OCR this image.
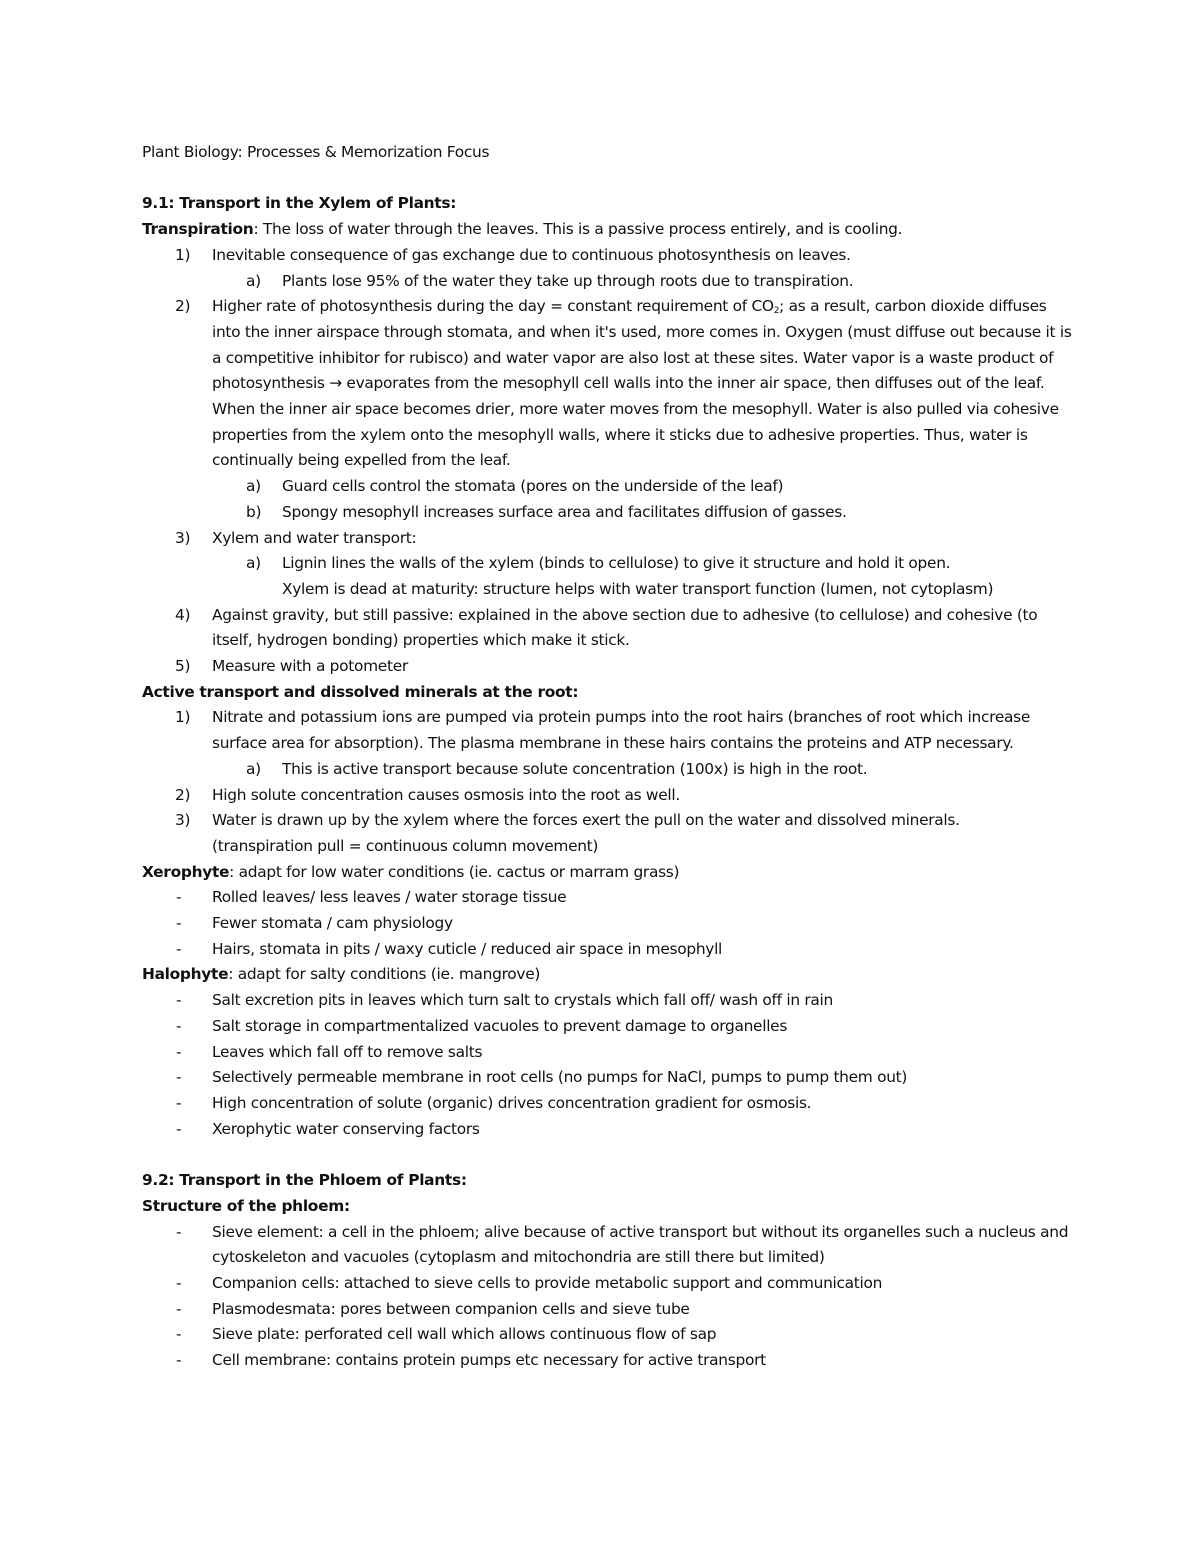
Plant Biology: Processes & Memorization Focus

9.1: Transport in the Xylem of Plants:

Transpiration: The loss of water through the leaves. This is a passive process entirely, and is cooling.

1) Inevitable consequence of gas exchange due to continuous photosynthesis on leaves.
a) Plants lose 95% of the water they take up through roots due to transpiration.
2) Higher rate of photosynthesis during the day = constant requirement of $CO_2$; as a result, carbon dioxide diffuses into the inner airspace through stomata, and when it's used, more comes in. Oxygen (must diffuse out because it is a competitive inhibitor for rubisco) and water vapor are also lost at these sites. Water vapor is a waste product of photosynthesis → evaporates from the mesophyll cell walls into the inner air space, then diffuses out of the leaf. When the inner air space becomes drier, more water moves from the mesophyll. Water is also pulled via cohesive properties from the xylem onto the mesophyll walls, where it sticks due to adhesive properties. Thus, water is continually being expelled from the leaf.
a) Guard cells control the stomata (pores on the underside of the leaf)
b) Spongy mesophyll increases surface area and facilitates diffusion of gasses.
3) Xylem and water transport:
a) Lignin lines the walls of the xylem (binds to cellulose) to give it structure and hold it open.

Xylem is dead at maturity: structure helps with water transport function (lumen, not cytoplasm)

4) Against gravity, but still passive: explained in the above section due to adhesive (to cellulose) and cohesive (to itself, hydrogen bonding) properties which make it stick.
5) Measure with a potometer

Active transport and dissolved minerals at the root:

1) Nitrate and potassium ions are pumped via protein pumps into the root hairs (branches of root which increase surface area for absorption). The plasma membrane in these hairs contains the proteins and ATP necessary.
a) This is active transport because solute concentration (100x) is high in the root.
2) High solute concentration causes osmosis into the root as well.
3) Water is drawn up by the xylem where the forces exert the pull on the water and dissolved minerals.

(transpiration pull = continuous column movement)

Xerophyte: adapt for low water conditions (ie. cactus or marram grass)

- Rolled leaves/ less leaves / water storage tissue
- Fewer stomata / cam physiology
- Hairs, stomata in pits / waxy cuticle / reduced air space in mesophyll

Halophyte: adapt for salty conditions (ie. mangrove)

- Salt excretion pits in leaves which turn salt to crystals which fall off/ wash off in rain
- Salt storage in compartmentalized vacuoles to prevent damage to organelles
- Leaves which fall off to remove salts
- Selectively permeable membrane in root cells (no pumps for NaCl, pumps to pump them out)
- High concentration of solute (organic) drives concentration gradient for osmosis.
- Xerophytic water conserving factors

9.2: Transport in the Phloem of Plants:

Structure of the phloem:

- Sieve element: a cell in the phloem; alive because of active transport but without its organelles such a nucleus and cytoskeleton and vacuoles (cytoplasm and mitochondria are still there but limited)
- Companion cells: attached to sieve cells to provide metabolic support and communication
- Plasmodesmata: pores between companion cells and sieve tube
- Sieve plate: perforated cell wall which allows continuous flow of sap
- Cell membrane: contains protein pumps etc necessary for active transport
